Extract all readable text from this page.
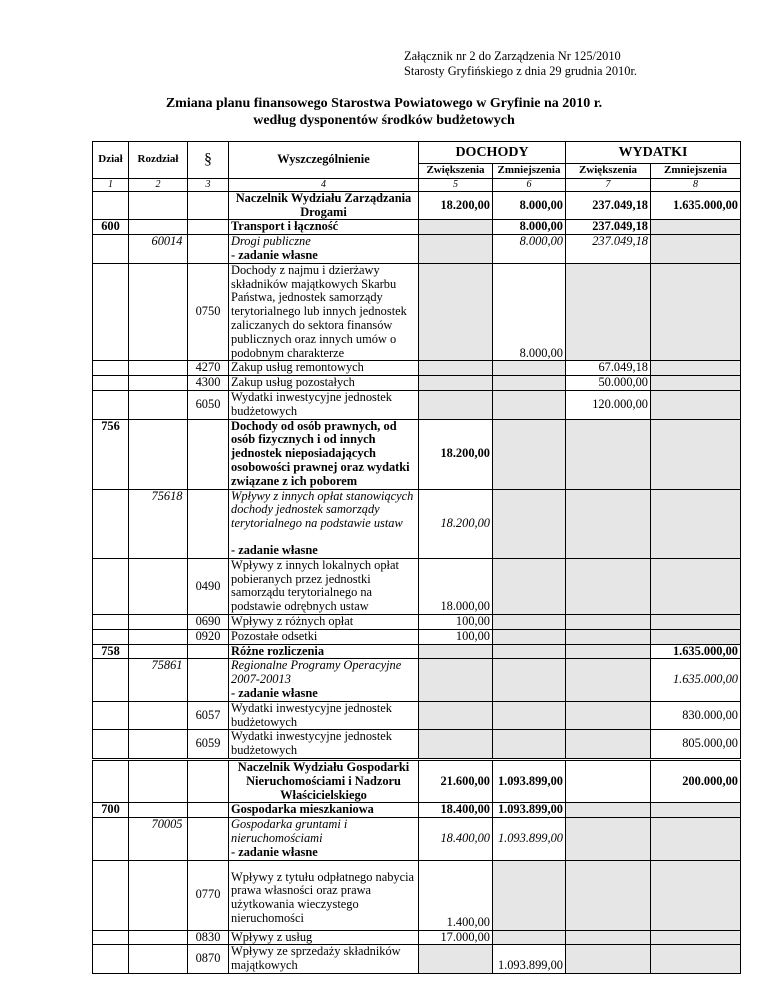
Załącznik nr 2 do Zarządzenia Nr 125/2010
Starosty Gryfińskiego z dnia 29 grudnia 2010r.
Zmiana planu finansowego Starostwa Powiatowego w Gryfinie na 2010 r.
według dysponentów środków budżetowych
Dział	Rozdział	§	Wyszczególnienie	DOCHODY		WYDATKI	
				Zwiększenia	Zmniejszenia	Zwiększenia	Zmniejszenia
1	2	3	4	5	6	7	8
			Naczelnik Wydziału Zarządzania Drogami	18.200,00	8.000,00	237.049,18	1.635.000,00
600			Transport i łączność		8.000,00	237.049,18	
	60014		Drogi publiczne		8.000,00	237.049,18	
			- zadanie własne				
		0750	Dochody z najmu i dzierżawy składników majątkowych Skarbu Państwa, jednostek samorządy terytorialnego lub innych jednostek zaliczanych do sektora finansów publicznych oraz innych umów o podobnym charakterze		8.000,00		
		4270	Zakup usług remontowych			67.049,18	
		4300	Zakup usług pozostałych			50.000,00	
		6050	Wydatki inwestycyjne jednostek budżetowych			120.000,00	
756			Dochody od osób prawnych, od osób fizycznych i od innych jednostek nieposiadających osobowości prawnej oraz wydatki związane z ich poborem	18.200,00			
	75618		Wpływy z innych opłat stanowiących dochody jednostek samorządy terytorialnego na podstawie ustaw	18.200,00			
			- zadanie własne				
		0490	Wpływy z innych lokalnych opłat pobieranych przez jednostki samorządu terytorialnego na podstawie odrębnych ustaw	18.000,00			
		0690	Wpływy z różnych opłat	100,00			
		0920	Pozostałe odsetki	100,00			
758			Różne rozliczenia				1.635.000,00
	75861		Regionalne Programy Operacyjne 2007-20013				1.635.000,00
			- zadanie własne				
		6057	Wydatki inwestycyjne jednostek budżetowych				830.000,00
		6059	Wydatki inwestycyjne jednostek budżetowych				805.000,00
			Naczelnik Wydziału Gospodarki Nieruchomościami i Nadzoru Właścicielskiego	21.600,00	1.093.899,00		200.000,00
700			Gospodarka mieszkaniowa	18.400,00	1.093.899,00		
	70005		Gospodarka gruntami i nieruchomościami	18.400,00	1.093.899,00		
			- zadanie własne				
		0770	Wpływy z tytułu odpłatnego nabycia prawa własności oraz prawa użytkowania wieczystego nieruchomości	1.400,00			
		0830	Wpływy z usług	17.000,00			
		0870	Wpływy ze sprzedaży składników majątkowych		1.093.899,00		
